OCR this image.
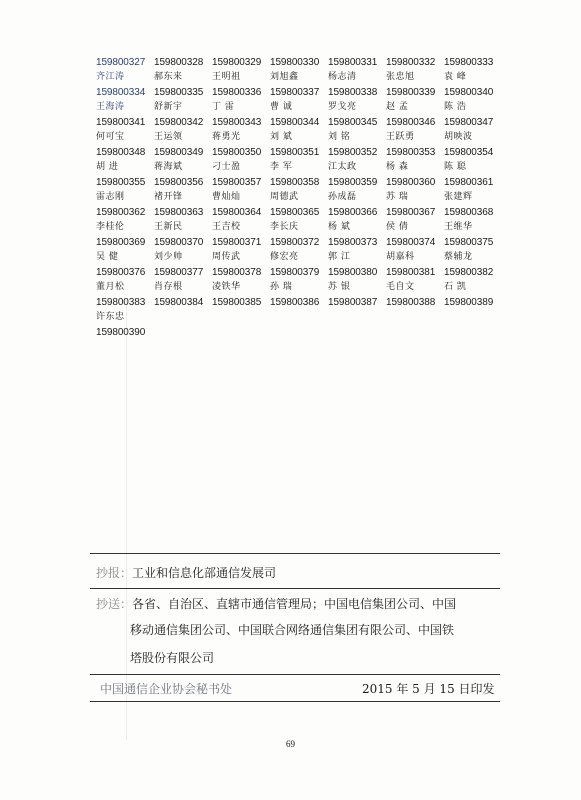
159800327 159800328 159800329 159800330 159800331 159800332 159800333
齐江涛	郝东来	王明祖	刘旭鑫	杨志清	张忠旭	袁 峰
159800334 159800335 159800336 159800337 159800338 159800339 159800340
王海涛	舒新宇	丁 雷	曹 诚	罗戈亮	赵 孟	陈 浩
159800341 159800342 159800343 159800344 159800345 159800346 159800347
何可宝	王运领	蒋勇光	刘 斌	刘 铭	王跃勇	胡映波
159800348 159800349 159800350 159800351 159800352 159800353 159800354
胡 进	蒋海斌	刁士盈	李 军	江太政	杨 森	陈 聪
159800355 159800356 159800357 159800358 159800359 159800360 159800361
雷志刚	褚开锋	曹灿灿	周德武	孙成磊	苏 瑞	张建辉
159800362 159800363 159800364 159800365 159800366 159800367 159800368
李桂伦	王新民	王吉校	李长庆	杨 斌	侯 倩	王维华
159800369 159800370 159800371 159800372 159800373 159800374 159800375
吴 健	刘少帅	周传武	修宏亮	郭 江	胡嘉科	蔡辅龙
159800376 159800377 159800378 159800379 159800380 159800381 159800382
董月松	肖存根	凌铁华	孙 瑞	苏 银	毛自文	石 凯
159800383 159800384 159800385 159800386 159800387 159800388 159800389
许东忠
159800390
抄报：工业和信息化部通信发展司
抄送：各省、自治区、直辖市通信管理局；中国电信集团公司、中国
移动通信集团公司、中国联合网络通信集团有限公司、中国铁
塔股份有限公司
中国通信企业协会秘书处	2015 年 5 月 15 日印发
69
